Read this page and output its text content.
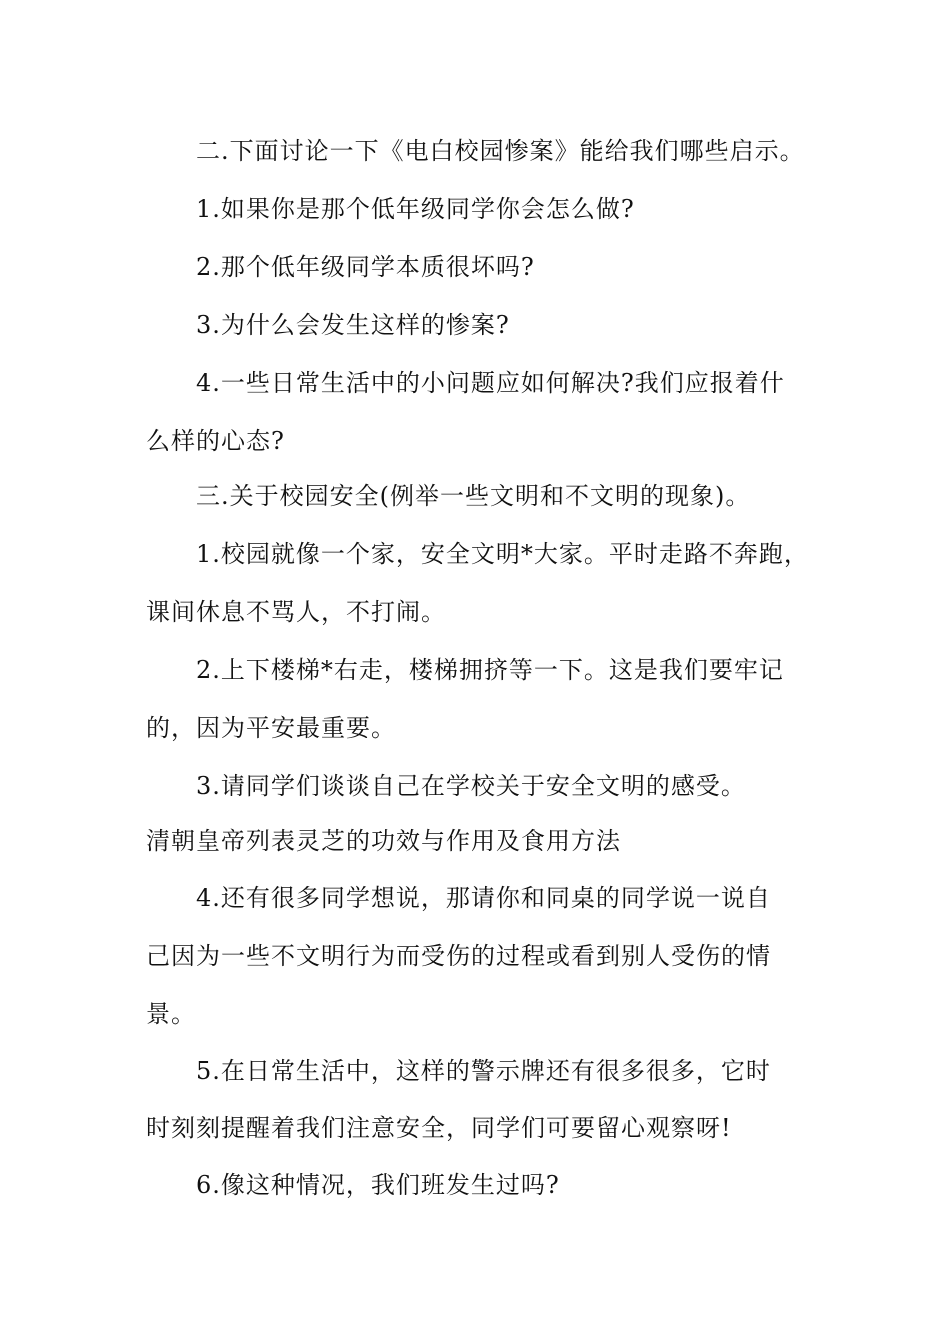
二.下面讨论一下《电白校园惨案》能给我们哪些启示。
1.如果你是那个低年级同学你会怎么做?
2.那个低年级同学本质很坏吗?
3.为什么会发生这样的惨案?
4.一些日常生活中的小问题应如何解决?我们应报着什
么样的心态?
三.关于校园安全(例举一些文明和不文明的现象)。
1.校园就像一个家，安全文明*大家。平时走路不奔跑，
课间休息不骂人，不打闹。
2.上下楼梯*右走，楼梯拥挤等一下。这是我们要牢记
的，因为平安最重要。
3.请同学们谈谈自己在学校关于安全文明的感受。
清朝皇帝列表灵芝的功效与作用及食用方法
4.还有很多同学想说，那请你和同桌的同学说一说自
己因为一些不文明行为而受伤的过程或看到别人受伤的情
景。
5.在日常生活中，这样的警示牌还有很多很多，它时
时刻刻提醒着我们注意安全，同学们可要留心观察呀!
6.像这种情况，我们班发生过吗?
